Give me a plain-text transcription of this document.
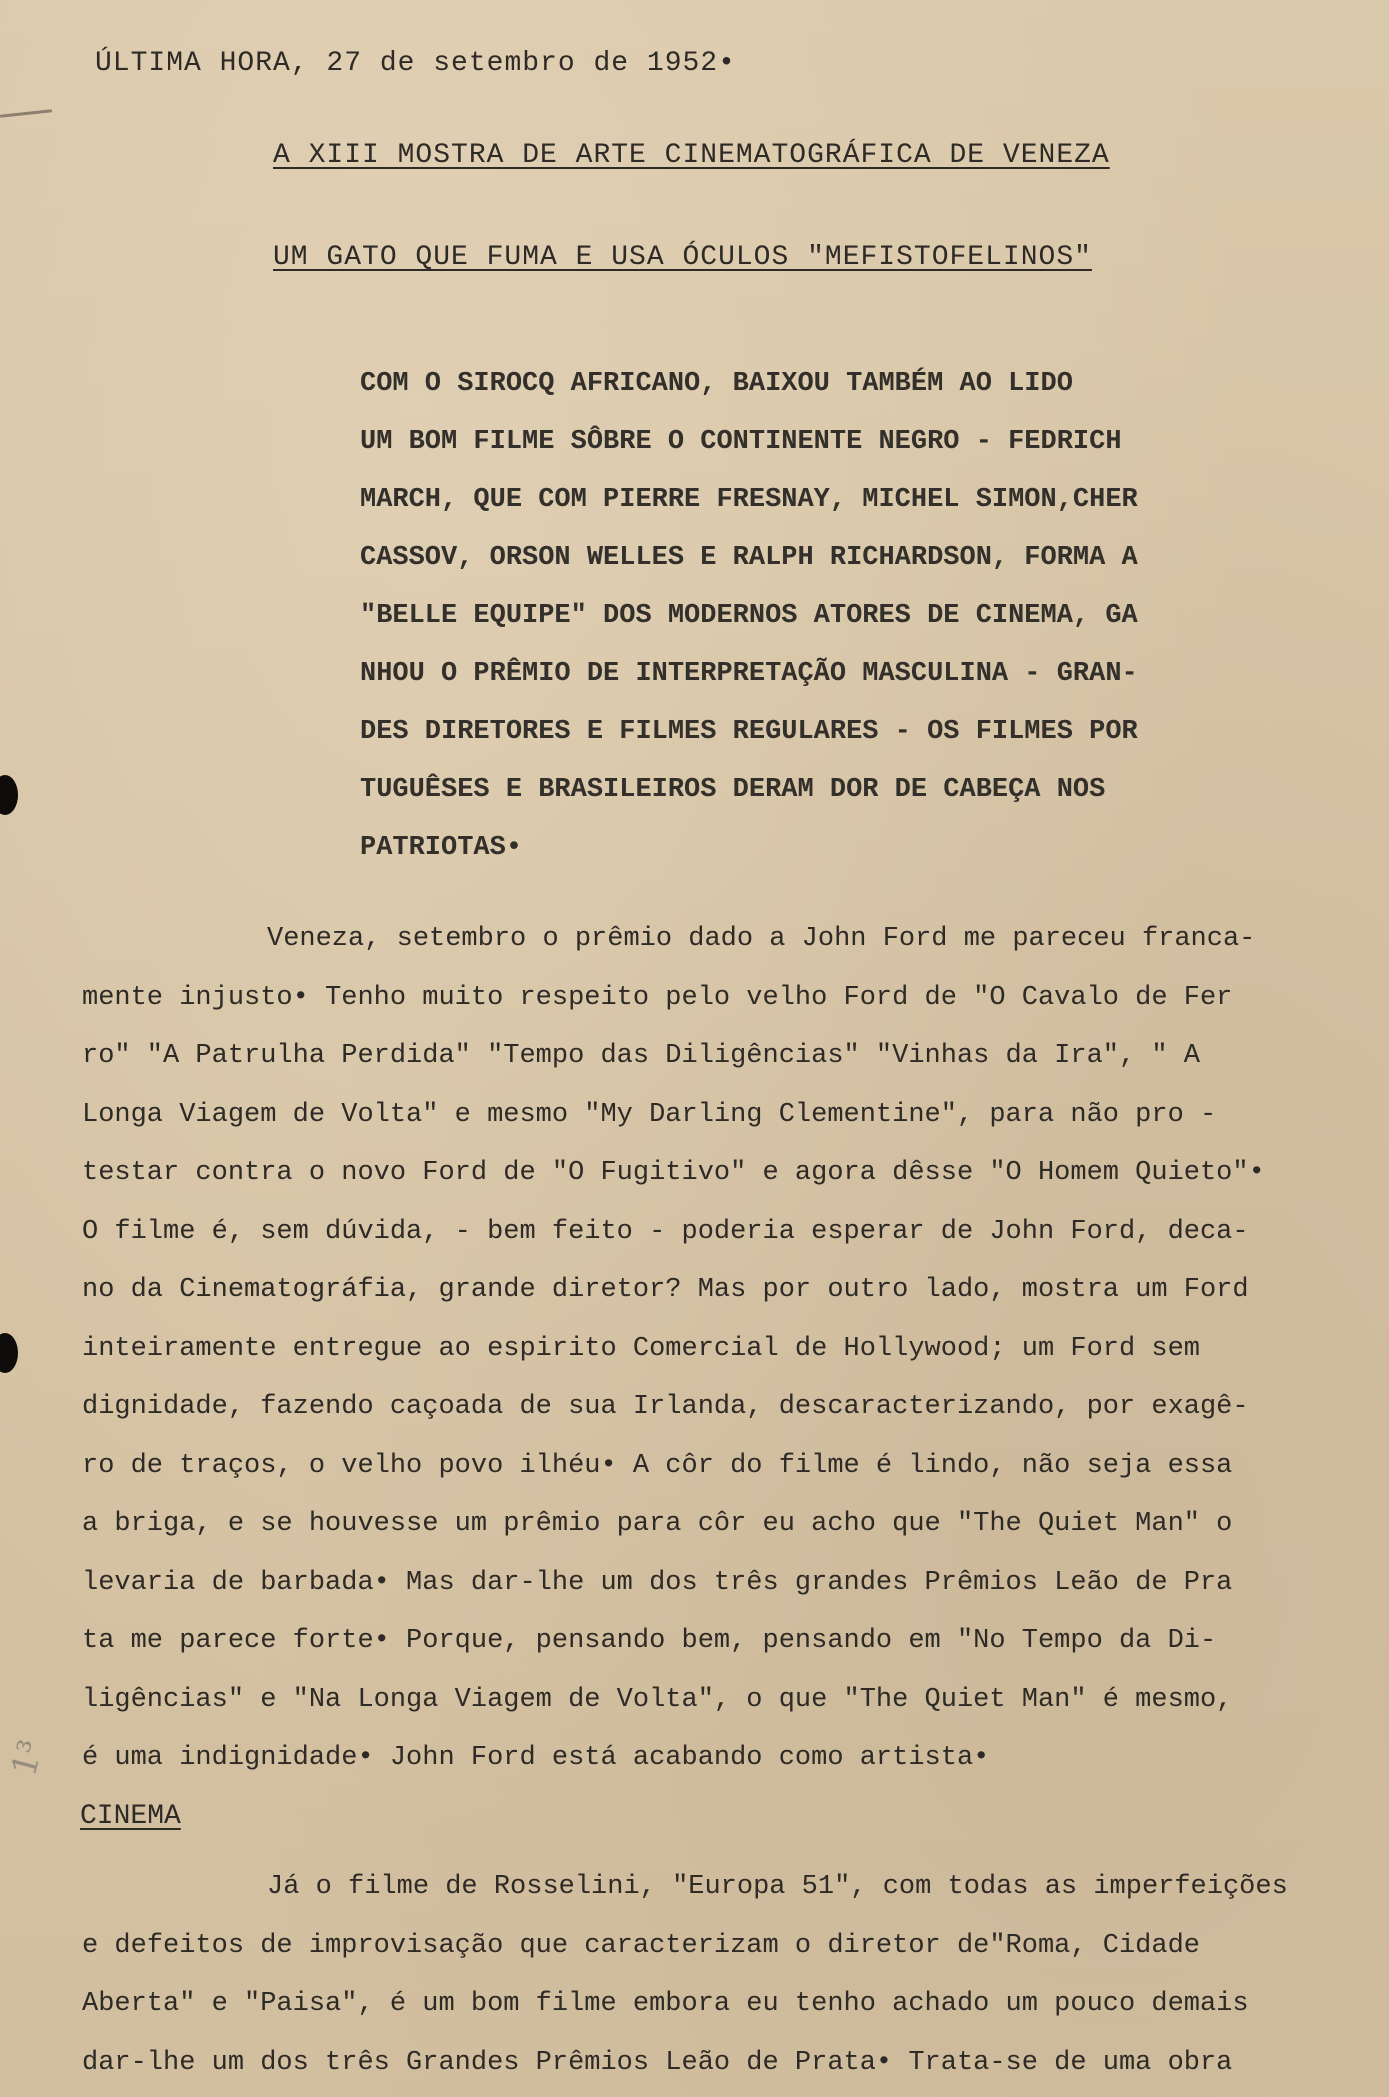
1³
ÚLTIMA HORA, 27 de setembro de 1952•
A XIII MOSTRA DE ARTE CINEMATOGRÁFICA DE VENEZA
UM GATO QUE FUMA E USA ÓCULOS "MEFISTOFELINOS"
COM O SIROCQ AFRICANO, BAIXOU TAMBÉM AO LIDO
UM BOM FILME SÔBRE O CONTINENTE NEGRO - FEDRICH
MARCH, QUE COM PIERRE FRESNAY, MICHEL SIMON,CHER
CASSOV, ORSON WELLES E RALPH RICHARDSON, FORMA A
"BELLE EQUIPE" DOS MODERNOS ATORES DE CINEMA, GA
NHOU O PRÊMIO DE INTERPRETAÇÃO MASCULINA - GRAN-
DES DIRETORES E FILMES REGULARES - OS FILMES POR
TUGUÊSES E BRASILEIROS DERAM DOR DE CABEÇA NOS
PATRIOTAS•
Veneza, setembro o prêmio dado a John Ford me pareceu franca-
mente injusto• Tenho muito respeito pelo velho Ford de "O Cavalo de Fer
ro" "A Patrulha Perdida" "Tempo das Diligências" "Vinhas da Ira", " A
Longa Viagem de Volta" e mesmo "My Darling Clementine", para não pro -
testar contra o novo Ford de "O Fugitivo" e agora dêsse "O Homem Quieto"•
O filme é, sem dúvida, - bem feito - poderia esperar de John Ford, deca-
no da Cinematográfia, grande diretor? Mas por outro lado, mostra um Ford
inteiramente entregue ao espirito Comercial de Hollywood; um Ford sem
dignidade, fazendo caçoada de sua Irlanda, descaracterizando, por exagê-
ro de traços, o velho povo ilhéu• A côr do filme é lindo, não seja essa
a briga, e se houvesse um prêmio para côr eu acho que "The Quiet Man" o
levaria de barbada• Mas dar-lhe um dos três grandes Prêmios Leão de Pra
ta me parece forte• Porque, pensando bem, pensando em "No Tempo da Di-
ligências" e "Na Longa Viagem de Volta", o que "The Quiet Man" é mesmo,
é uma indignidade• John Ford está acabando como artista•
CINEMA
Já o filme de Rosselini, "Europa 51", com todas as imperfeições
e defeitos de improvisação que caracterizam o diretor de"Roma, Cidade
Aberta" e "Paisa", é um bom filme embora eu tenho achado um pouco demais
dar-lhe um dos três Grandes Prêmios Leão de Prata• Trata-se de uma obra
